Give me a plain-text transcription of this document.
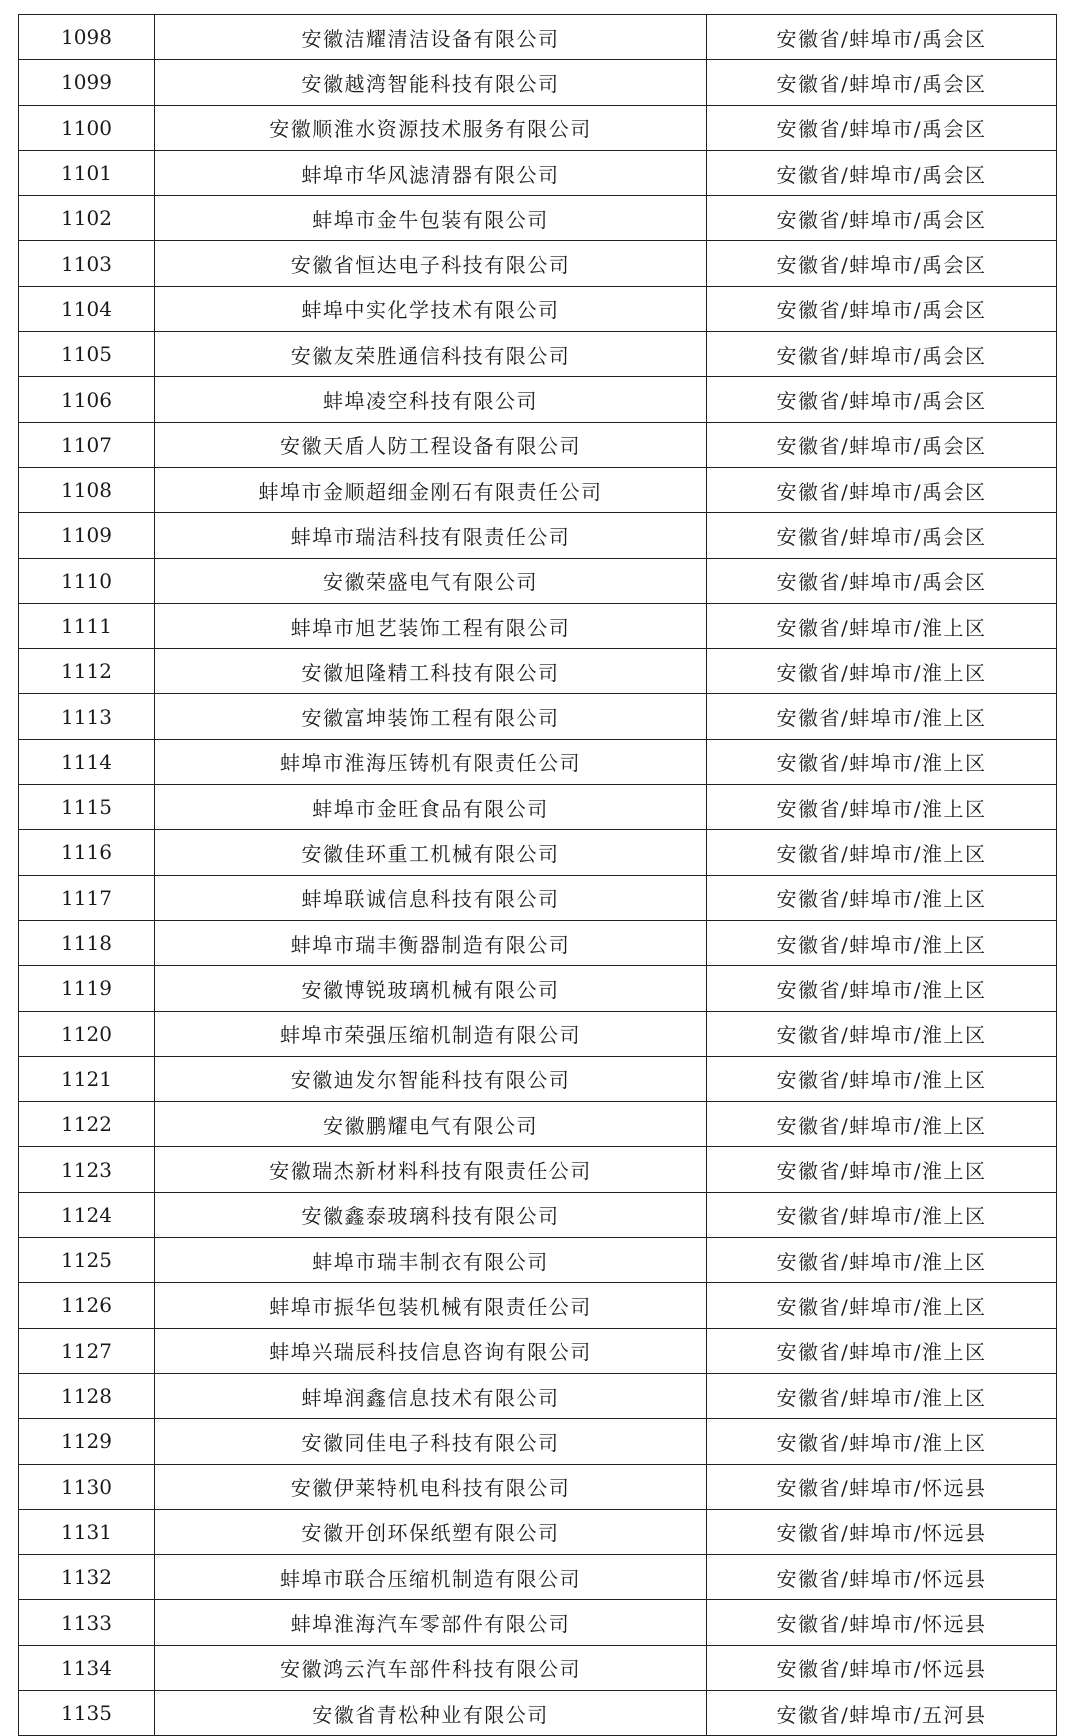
1098	安徽洁耀清洁设备有限公司	安徽省/蚌埠市/禹会区
1099	安徽越湾智能科技有限公司	安徽省/蚌埠市/禹会区
1100	安徽顺淮水资源技术服务有限公司	安徽省/蚌埠市/禹会区
1101	蚌埠市华风滤清器有限公司	安徽省/蚌埠市/禹会区
1102	蚌埠市金牛包装有限公司	安徽省/蚌埠市/禹会区
1103	安徽省恒达电子科技有限公司	安徽省/蚌埠市/禹会区
1104	蚌埠中实化学技术有限公司	安徽省/蚌埠市/禹会区
1105	安徽友荣胜通信科技有限公司	安徽省/蚌埠市/禹会区
1106	蚌埠凌空科技有限公司	安徽省/蚌埠市/禹会区
1107	安徽天盾人防工程设备有限公司	安徽省/蚌埠市/禹会区
1108	蚌埠市金顺超细金刚石有限责任公司	安徽省/蚌埠市/禹会区
1109	蚌埠市瑞洁科技有限责任公司	安徽省/蚌埠市/禹会区
1110	安徽荣盛电气有限公司	安徽省/蚌埠市/禹会区
1111	蚌埠市旭艺装饰工程有限公司	安徽省/蚌埠市/淮上区
1112	安徽旭隆精工科技有限公司	安徽省/蚌埠市/淮上区
1113	安徽富坤装饰工程有限公司	安徽省/蚌埠市/淮上区
1114	蚌埠市淮海压铸机有限责任公司	安徽省/蚌埠市/淮上区
1115	蚌埠市金旺食品有限公司	安徽省/蚌埠市/淮上区
1116	安徽佳环重工机械有限公司	安徽省/蚌埠市/淮上区
1117	蚌埠联诚信息科技有限公司	安徽省/蚌埠市/淮上区
1118	蚌埠市瑞丰衡器制造有限公司	安徽省/蚌埠市/淮上区
1119	安徽博锐玻璃机械有限公司	安徽省/蚌埠市/淮上区
1120	蚌埠市荣强压缩机制造有限公司	安徽省/蚌埠市/淮上区
1121	安徽迪发尔智能科技有限公司	安徽省/蚌埠市/淮上区
1122	安徽鹏耀电气有限公司	安徽省/蚌埠市/淮上区
1123	安徽瑞杰新材料科技有限责任公司	安徽省/蚌埠市/淮上区
1124	安徽鑫泰玻璃科技有限公司	安徽省/蚌埠市/淮上区
1125	蚌埠市瑞丰制衣有限公司	安徽省/蚌埠市/淮上区
1126	蚌埠市振华包装机械有限责任公司	安徽省/蚌埠市/淮上区
1127	蚌埠兴瑞辰科技信息咨询有限公司	安徽省/蚌埠市/淮上区
1128	蚌埠润鑫信息技术有限公司	安徽省/蚌埠市/淮上区
1129	安徽同佳电子科技有限公司	安徽省/蚌埠市/淮上区
1130	安徽伊莱特机电科技有限公司	安徽省/蚌埠市/怀远县
1131	安徽开创环保纸塑有限公司	安徽省/蚌埠市/怀远县
1132	蚌埠市联合压缩机制造有限公司	安徽省/蚌埠市/怀远县
1133	蚌埠淮海汽车零部件有限公司	安徽省/蚌埠市/怀远县
1134	安徽鸿云汽车部件科技有限公司	安徽省/蚌埠市/怀远县
1135	安徽省青松种业有限公司	安徽省/蚌埠市/五河县
